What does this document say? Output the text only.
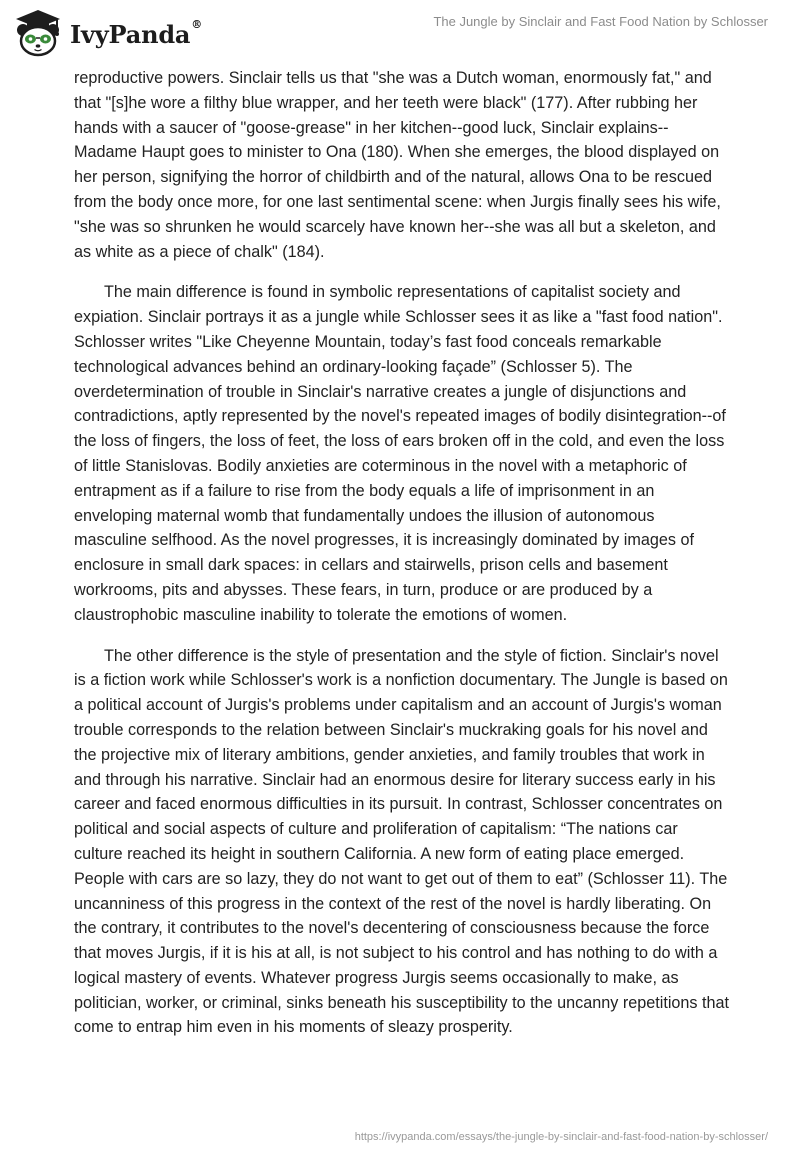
IvyPanda®	The Jungle by Sinclair and Fast Food Nation by Schlosser

reproductive powers. Sinclair tells us that "she was a Dutch woman, enormously fat," and that "[s]he wore a filthy blue wrapper, and her teeth were black" (177). After rubbing her hands with a saucer of "goose-grease" in her kitchen--good luck, Sinclair explains--Madame Haupt goes to minister to Ona (180). When she emerges, the blood displayed on her person, signifying the horror of childbirth and of the natural, allows Ona to be rescued from the body once more, for one last sentimental scene: when Jurgis finally sees his wife, "she was so shrunken he would scarcely have known her--she was all but a skeleton, and as white as a piece of chalk" (184).

The main difference is found in symbolic representations of capitalist society and expiation. Sinclair portrays it as a jungle while Schlosser sees it as like a "fast food nation". Schlosser writes "Like Cheyenne Mountain, today’s fast food conceals remarkable technological advances behind an ordinary-looking façade” (Schlosser 5). The overdetermination of trouble in Sinclair's narrative creates a jungle of disjunctions and contradictions, aptly represented by the novel's repeated images of bodily disintegration--of the loss of fingers, the loss of feet, the loss of ears broken off in the cold, and even the loss of little Stanislovas. Bodily anxieties are coterminous in the novel with a metaphoric of entrapment as if a failure to rise from the body equals a life of imprisonment in an enveloping maternal womb that fundamentally undoes the illusion of autonomous masculine selfhood. As the novel progresses, it is increasingly dominated by images of enclosure in small dark spaces: in cellars and stairwells, prison cells and basement workrooms, pits and abysses. These fears, in turn, produce or are produced by a claustrophobic masculine inability to tolerate the emotions of women.

The other difference is the style of presentation and the style of fiction. Sinclair's novel is a fiction work while Schlosser's work is a nonfiction documentary. The Jungle is based on a political account of Jurgis's problems under capitalism and an account of Jurgis's woman trouble corresponds to the relation between Sinclair's muckraking goals for his novel and the projective mix of literary ambitions, gender anxieties, and family troubles that work in and through his narrative. Sinclair had an enormous desire for literary success early in his career and faced enormous difficulties in its pursuit. In contrast, Schlosser concentrates on political and social aspects of culture and proliferation of capitalism: “The nations car culture reached its height in southern California. A new form of eating place emerged. People with cars are so lazy, they do not want to get out of them to eat” (Schlosser 11). The uncanniness of this progress in the context of the rest of the novel is hardly liberating. On the contrary, it contributes to the novel's decentering of consciousness because the force that moves Jurgis, if it is his at all, is not subject to his control and has nothing to do with a logical mastery of events. Whatever progress Jurgis seems occasionally to make, as politician, worker, or criminal, sinks beneath his susceptibility to the uncanny repetitions that come to entrap him even in his moments of sleazy prosperity.

https://ivypanda.com/essays/the-jungle-by-sinclair-and-fast-food-nation-by-schlosser/
